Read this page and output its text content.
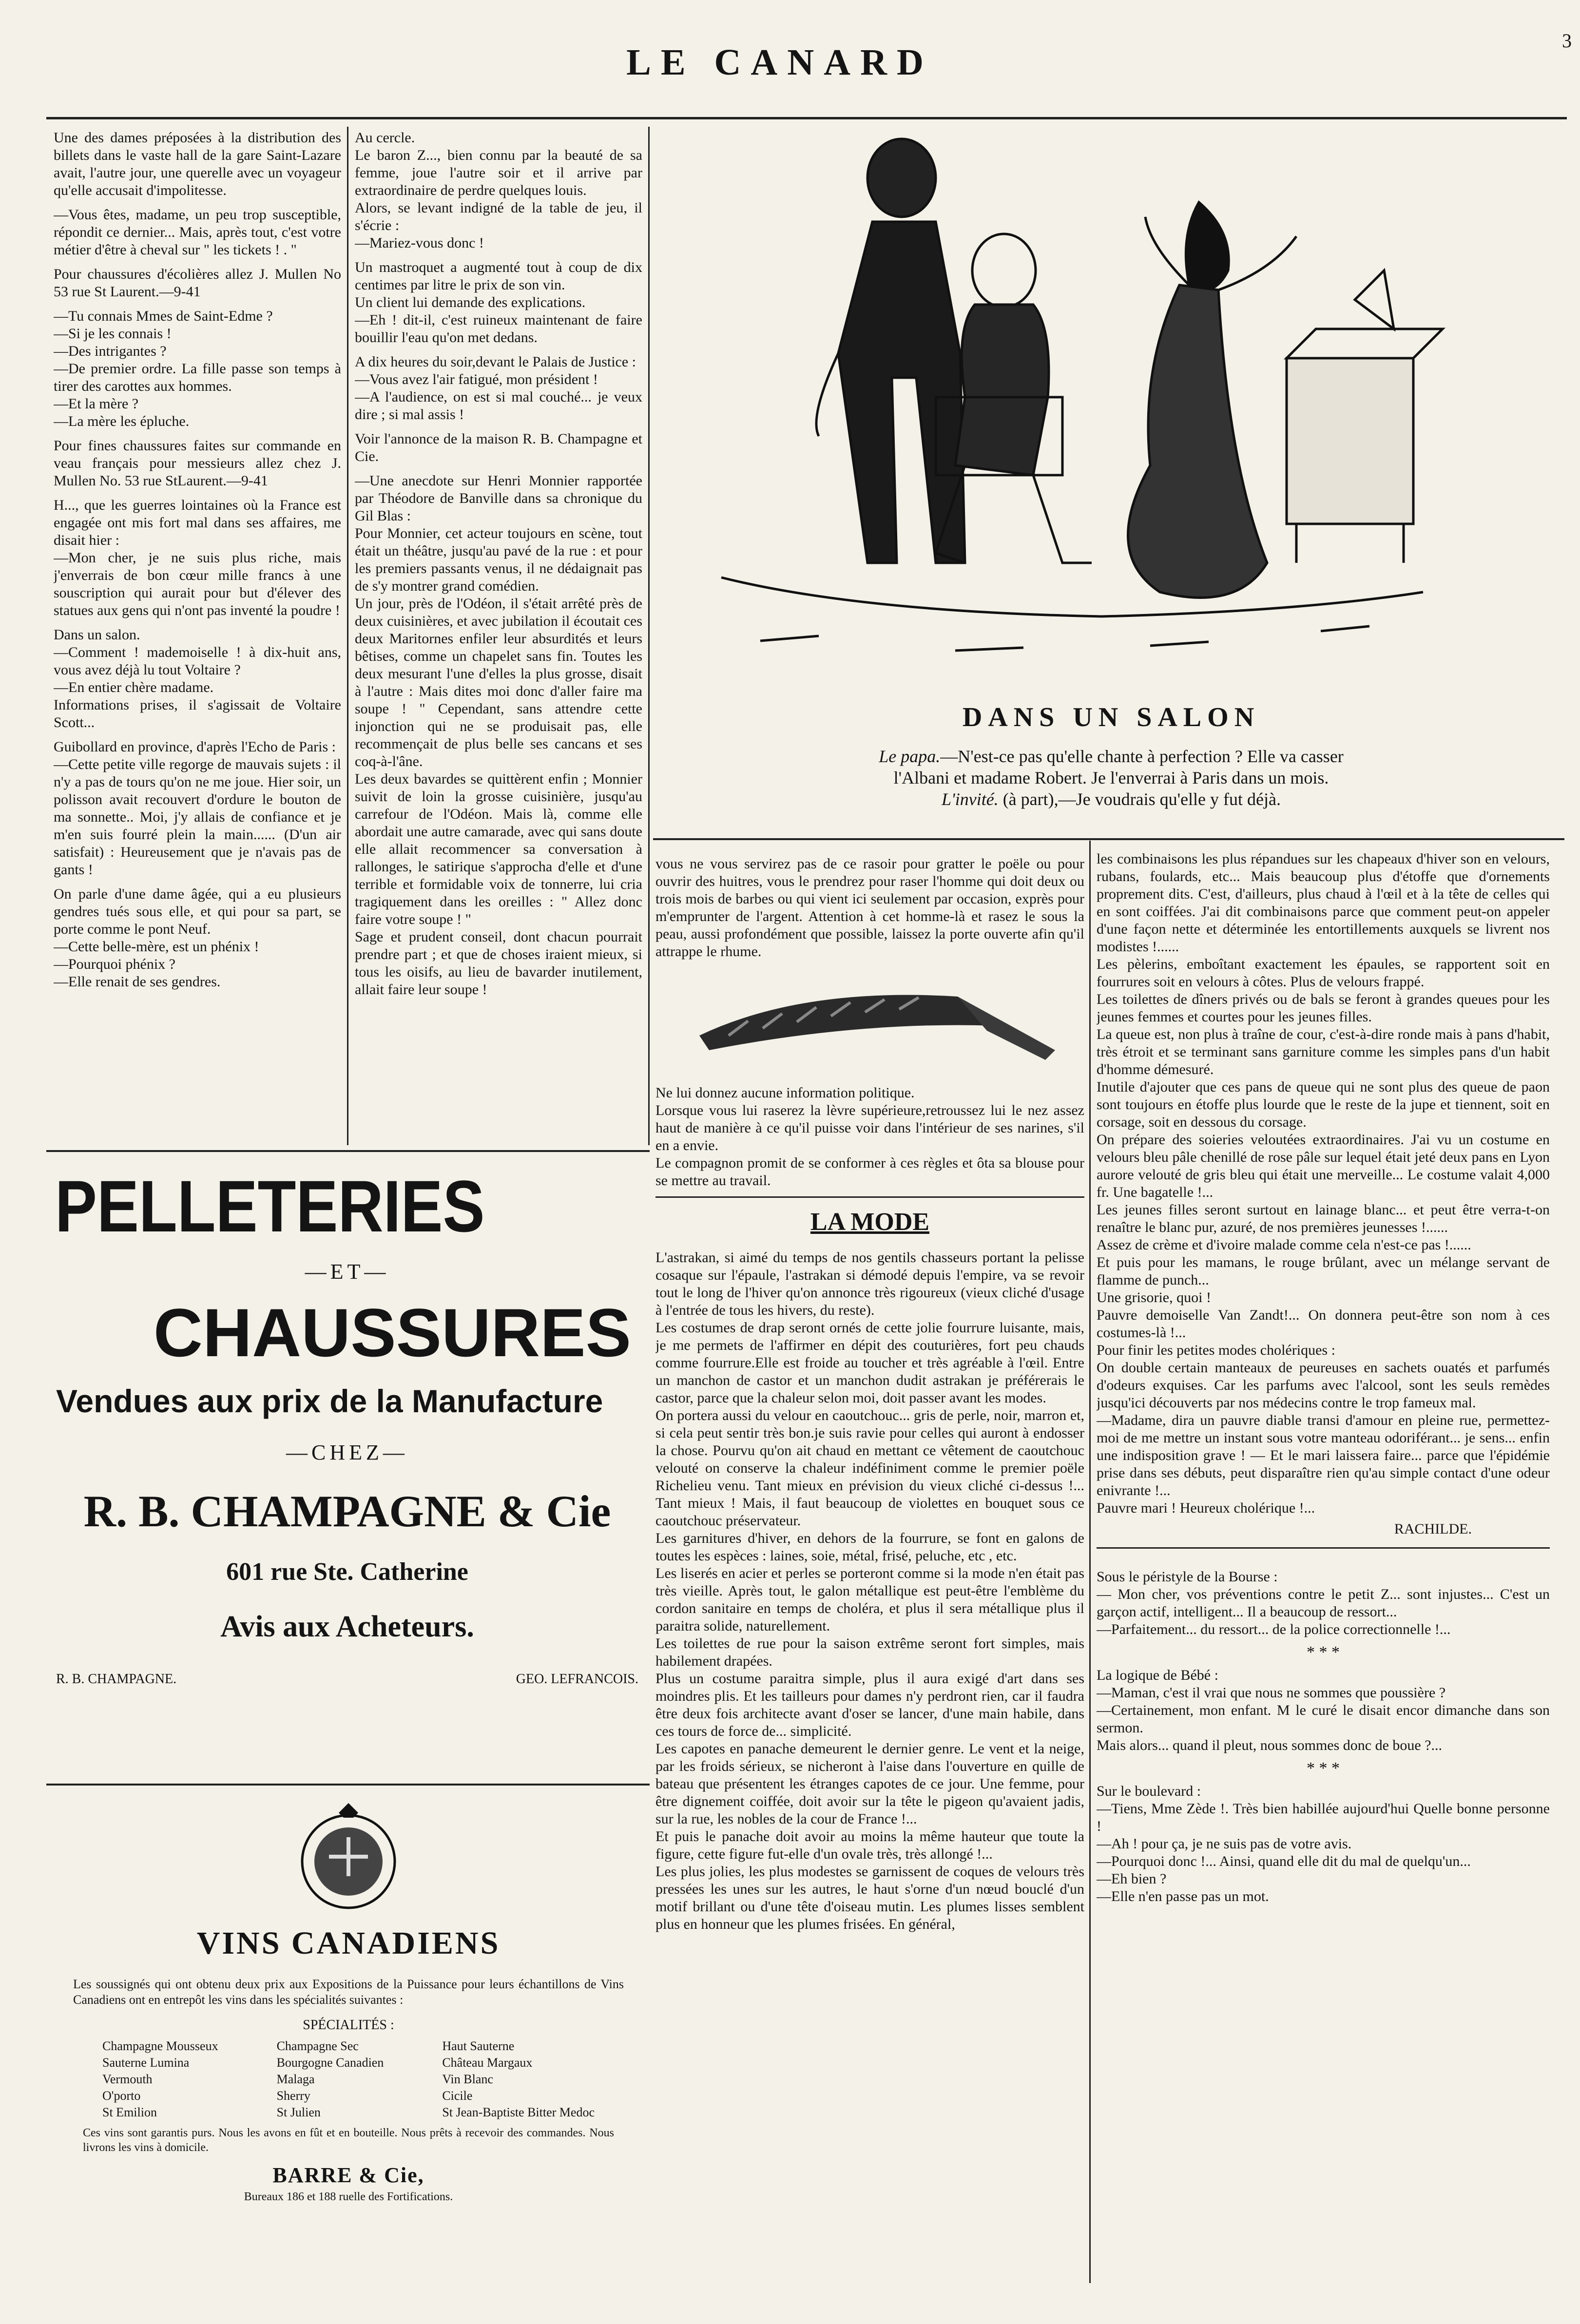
LE CANARD
3

Une des dames préposées à la distribution des billets dans le vaste hall de la gare Saint-Lazare avait, l'autre jour, une querelle avec un voyageur qu'elle accusait d'impolitesse.

—Vous êtes, madame, un peu trop susceptible, répondit ce dernier... Mais, après tout, c'est votre métier d'être à cheval sur " les tickets ! . "

Pour chaussures d'écolières allez J. Mullen No 53 rue St Laurent.—9-41

—Tu connais Mmes de Saint-Edme ?

—Si je les connais !

—Des intrigantes ?

—De premier ordre. La fille passe son temps à tirer des carottes aux hommes.

—Et la mère ?

—La mère les épluche.

Pour fines chaussures faites sur commande en veau français pour messieurs allez chez J. Mullen No. 53 rue StLaurent.—9-41

H..., que les guerres lointaines où la France est engagée ont mis fort mal dans ses affaires, me disait hier :

—Mon cher, je ne suis plus riche, mais j'enverrais de bon cœur mille francs à une souscription qui aurait pour but d'élever des statues aux gens qui n'ont pas inventé la poudre !

Dans un salon.

—Comment ! mademoiselle ! à dix-huit ans, vous avez déjà lu tout Voltaire ?

—En entier chère madame.

Informations prises, il s'agissait de Voltaire Scott...

Guibollard en province, d'après l'Echo de Paris :

—Cette petite ville regorge de mauvais sujets : il n'y a pas de tours qu'on ne me joue. Hier soir, un polisson avait recouvert d'ordure le bouton de ma sonnette.. Moi, j'y allais de confiance et je m'en suis fourré plein la main...... (D'un air satisfait) : Heureusement que je n'avais pas de gants !

On parle d'une dame âgée, qui a eu plusieurs gendres tués sous elle, et qui pour sa part, se porte comme le pont Neuf.

—Cette belle-mère, est un phénix !

—Pourquoi phénix ?

—Elle renait de ses gendres.

Au cercle.

Le baron Z..., bien connu par la beauté de sa femme, joue l'autre soir et il arrive par extraordinaire de perdre quelques louis.

Alors, se levant indigné de la table de jeu, il s'écrie :

—Mariez-vous donc !

Un mastroquet a augmenté tout à coup de dix centimes par litre le prix de son vin.

Un client lui demande des explications.

—Eh ! dit-il, c'est ruineux maintenant de faire bouillir l'eau qu'on met dedans.

A dix heures du soir,devant le Palais de Justice :

—Vous avez l'air fatigué, mon président !

—A l'audience, on est si mal couché... je veux dire ; si mal assis !

Voir l'annonce de la maison R. B. Champagne et Cie.

—Une anecdote sur Henri Monnier rapportée par Théodore de Banville dans sa chronique du Gil Blas :

Pour Monnier, cet acteur toujours en scène, tout était un théâtre, jusqu'au pavé de la rue : et pour les premiers passants venus, il ne dédaignait pas de s'y montrer grand comédien.

Un jour, près de l'Odéon, il s'était arrêté près de deux cuisinières, et avec jubilation il écoutait ces deux Maritornes enfiler leur absurdités et leurs bêtises, comme un chapelet sans fin. Toutes les deux mesurant l'une d'elles la plus grosse, disait à l'autre : Mais dites moi donc d'aller faire ma soupe ! " Cependant, sans attendre cette injonction qui ne se produisait pas, elle recommençait de plus belle ses cancans et ses coq-à-l'âne.

Les deux bavardes se quittèrent enfin ; Monnier suivit de loin la grosse cuisinière, jusqu'au carrefour de l'Odéon. Mais là, comme elle abordait une autre camarade, avec qui sans doute elle allait recommencer sa conversation à rallonges, le satirique s'approcha d'elle et d'une terrible et formidable voix de tonnerre, lui cria tragiquement dans les oreilles : " Allez donc faire votre soupe ! "

Sage et prudent conseil, dont chacun pourrait prendre part ; et que de choses iraient mieux, si tous les oisifs, au lieu de bavarder inutilement, allait faire leur soupe !

DANS UN SALON
Le papa.—N'est-ce pas qu'elle chante à perfection ? Elle va casser
l'Albani et madame Robert. Je l'enverrai à Paris dans un mois.
L'invité. (à part),—Je voudrais qu'elle y fut déjà.

vous ne vous servirez pas de ce rasoir pour gratter le poële ou pour ouvrir des huitres, vous le prendrez pour raser l'homme qui doit deux ou trois mois de barbes ou qui vient ici seulement par occasion, exprès pour m'emprunter de l'argent. Attention à cet homme-là et rasez le sous la peau, aussi profondément que possible, laissez la porte ouverte afin qu'il attrappe le rhume.

Ne lui donnez aucune information politique.

Lorsque vous lui raserez la lèvre supérieure,retroussez lui le nez assez haut de manière à ce qu'il puisse voir dans l'intérieur de ses narines, s'il en a envie.

Le compagnon promit de se conformer à ces règles et ôta sa blouse pour se mettre au travail.

LA MODE

L'astrakan, si aimé du temps de nos gentils chasseurs portant la pelisse cosaque sur l'épaule, l'astrakan si démodé depuis l'empire, va se revoir tout le long de l'hiver qu'on annonce très rigoureux (vieux cliché d'usage à l'entrée de tous les hivers, du reste).

Les costumes de drap seront ornés de cette jolie fourrure luisante, mais, je me permets de l'affirmer en dépit des couturières, fort peu chauds comme fourrure.Elle est froide au toucher et très agréable à l'œil. Entre un manchon de castor et un manchon dudit astrakan je préférerais le castor, parce que la chaleur selon moi, doit passer avant les modes.

On portera aussi du velour en caoutchouc... gris de perle, noir, marron et, si cela peut sentir très bon.je suis ravie pour celles qui auront à endosser la chose. Pourvu qu'on ait chaud en mettant ce vêtement de caoutchouc velouté on conserve la chaleur indéfiniment comme le premier poële Richelieu venu. Tant mieux en prévision du vieux cliché ci-dessus !... Tant mieux ! Mais, il faut beaucoup de violettes en bouquet sous ce caoutchouc préservateur.

Les garnitures d'hiver, en dehors de la fourrure, se font en galons de toutes les espèces : laines, soie, métal, frisé, peluche, etc , etc.

Les liserés en acier et perles se porteront comme si la mode n'en était pas très vieille. Après tout, le galon métallique est peut-être l'emblème du cordon sanitaire en temps de choléra, et plus il sera métallique plus il paraitra solide, naturellement.

Les toilettes de rue pour la saison extrême seront fort simples, mais habilement drapées.

Plus un costume paraitra simple, plus il aura exigé d'art dans ses moindres plis. Et les tailleurs pour dames n'y perdront rien, car il faudra être deux fois architecte avant d'oser se lancer, d'une main habile, dans ces tours de force de... simplicité.

Les capotes en panache demeurent le dernier genre. Le vent et la neige, par les froids sérieux, se nicheront à l'aise dans l'ouverture en quille de bateau que présentent les étranges capotes de ce jour. Une femme, pour être dignement coiffée, doit avoir sur la tête le pigeon qu'avaient jadis, sur la rue, les nobles de la cour de France !...

Et puis le panache doit avoir au moins la même hauteur que toute la figure, cette figure fut-elle d'un ovale très, très allongé !...

Les plus jolies, les plus modestes se garnissent de coques de velours très pressées les unes sur les autres, le haut s'orne d'un nœud bouclé d'un motif brillant ou d'une tête d'oiseau mutin. Les plumes lisses semblent plus en honneur que les plumes frisées. En général,

les combinaisons les plus répandues sur les chapeaux d'hiver son en velours, rubans, foulards, etc... Mais beaucoup plus d'étoffe que d'ornements proprement dits. C'est, d'ailleurs, plus chaud à l'œil et à la tête de celles qui en sont coiffées. J'ai dit combinaisons parce que comment peut-on appeler d'une façon nette et déterminée les entortillements auxquels se livrent nos modistes !......

Les pèlerins, emboîtant exactement les épaules, se rapportent soit en fourrures soit en velours à côtes. Plus de velours frappé.

Les toilettes de dîners privés ou de bals se feront à grandes queues pour les jeunes femmes et courtes pour les jeunes filles.

La queue est, non plus à traîne de cour, c'est-à-dire ronde mais à pans d'habit, très étroit et se terminant sans garniture comme les simples pans d'un habit d'homme démesuré.

Inutile d'ajouter que ces pans de queue qui ne sont plus des queue de paon sont toujours en étoffe plus lourde que le reste de la jupe et tiennent, soit en corsage, soit en dessous du corsage.

On prépare des soieries veloutées extraordinaires. J'ai vu un costume en velours bleu pâle chenillé de rose pâle sur lequel était jeté deux pans en Lyon aurore velouté de gris bleu qui était une merveille... Le costume valait 4,000 fr. Une bagatelle !...

Les jeunes filles seront surtout en lainage blanc... et peut être verra-t-on renaître le blanc pur, azuré, de nos premières jeunesses !......

Assez de crème et d'ivoire malade comme cela n'est-ce pas !......

Et puis pour les mamans, le rouge brûlant, avec un mélange servant de flamme de punch...

Une grisorie, quoi !

Pauvre demoiselle Van Zandt!... On donnera peut-être son nom à ces costumes-là !...

Pour finir les petites modes cholériques :

On double certain manteaux de peureuses en sachets ouatés et parfumés d'odeurs exquises. Car les parfums avec l'alcool, sont les seuls remèdes jusqu'ici découverts par nos médecins contre le trop fameux mal.

—Madame, dira un pauvre diable transi d'amour en pleine rue, permettez-moi de me mettre un instant sous votre manteau odoriférant... je sens... enfin une indisposition grave ! — Et le mari laissera faire... parce que l'épidémie prise dans ses débuts, peut disparaître rien qu'au simple contact d'une odeur enivrante !...

Pauvre mari ! Heureux cholérique !...

RACHILDE.

Sous le péristyle de la Bourse :

— Mon cher, vos préventions contre le petit Z... sont injustes... C'est un garçon actif, intelligent... Il a beaucoup de ressort...

—Parfaitement... du ressort... de la police correctionnelle !...

* * *

La logique de Bébé :

—Maman, c'est il vrai que nous ne sommes que poussière ?

—Certainement, mon enfant. M le curé le disait encor dimanche dans son sermon.

Mais alors... quand il pleut, nous sommes donc de boue ?...

* * *

Sur le boulevard :

—Tiens, Mme Zède !. Très bien habillée aujourd'hui Quelle bonne personne !

—Ah ! pour ça, je ne suis pas de votre avis.

—Pourquoi donc !... Ainsi, quand elle dit du mal de quelqu'un...

—Eh bien ?

—Elle n'en passe pas un mot.

PELLETERIES
—ET—
CHAUSSURES
Vendues aux prix de la Manufacture
—CHEZ—
R. B. CHAMPAGNE & Cie
601 rue Ste. Catherine
Avis aux Acheteurs.
R. B. CHAMPAGNE.	GEO. LEFRANCOIS.
VINS CANADIENS
Les soussignés qui ont obtenu deux prix aux Expositions de la Puissance pour leurs échantillons de Vins Canadiens ont en entrepôt les vins dans les spécialités suivantes :
SPÉCIALITÉS :
Champagne Mousseux
Sauterne Lumina
Vermouth
O'porto
St Emilion
Champagne Sec
Bourgogne Canadien
Malaga
Sherry
St Julien
Haut Sauterne
Château Margaux
Vin Blanc
Cicile
St Jean-Baptiste Bitter Medoc
Ces vins sont garantis purs. Nous les avons en fût et en bouteille. Nous prêts à recevoir des commandes. Nous livrons les vins à domicile.
BARRE & Cie,
Bureaux 186 et 188 ruelle des Fortifications.
